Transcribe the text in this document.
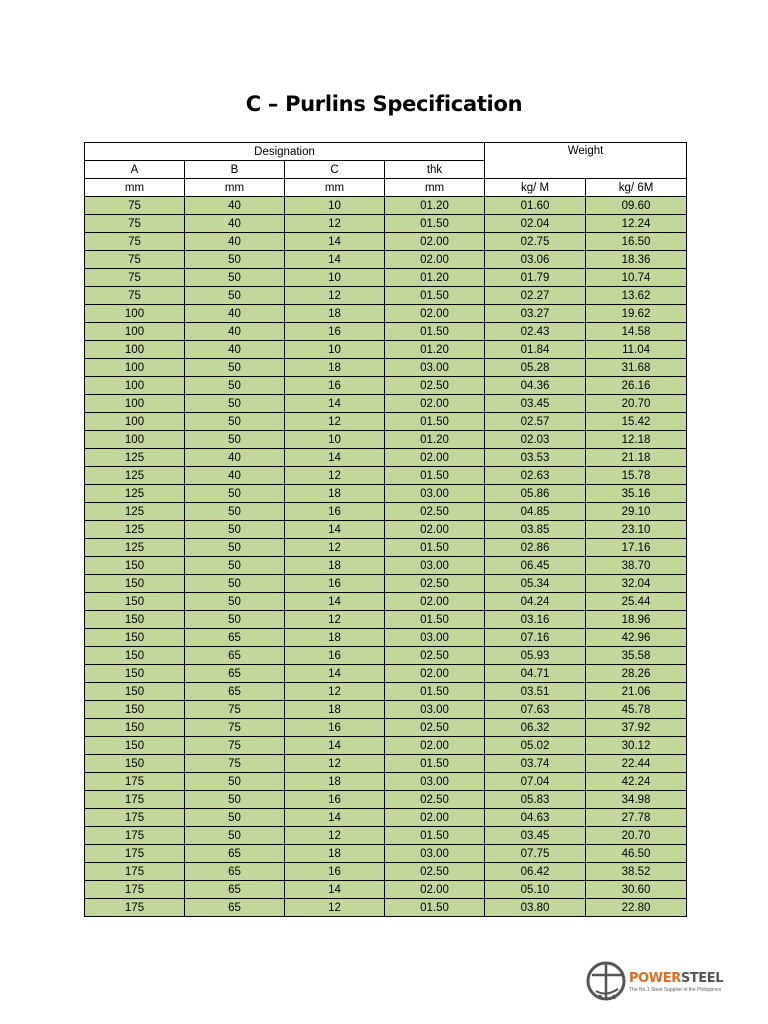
C – Purlins Specification
Designation				Weight	
A	B	C	thk		
mm	mm	mm	mm	kg/ M	kg/ 6M
75	40	10	01.20	01.60	09.60
75	40	12	01.50	02.04	12.24
75	40	14	02.00	02.75	16.50
75	50	14	02.00	03.06	18.36
75	50	10	01.20	01.79	10.74
75	50	12	01.50	02.27	13.62
100	40	18	02.00	03.27	19.62
100	40	16	01.50	02.43	14.58
100	40	10	01.20	01.84	11.04
100	50	18	03.00	05.28	31.68
100	50	16	02.50	04.36	26.16
100	50	14	02.00	03.45	20.70
100	50	12	01.50	02.57	15.42
100	50	10	01.20	02.03	12.18
125	40	14	02.00	03.53	21.18
125	40	12	01.50	02.63	15.78
125	50	18	03.00	05.86	35.16
125	50	16	02.50	04.85	29.10
125	50	14	02.00	03.85	23.10
125	50	12	01.50	02.86	17.16
150	50	18	03.00	06.45	38.70
150	50	16	02.50	05.34	32.04
150	50	14	02.00	04.24	25.44
150	50	12	01.50	03.16	18.96
150	65	18	03.00	07.16	42.96
150	65	16	02.50	05.93	35.58
150	65	14	02.00	04.71	28.26
150	65	12	01.50	03.51	21.06
150	75	18	03.00	07.63	45.78
150	75	16	02.50	06.32	37.92
150	75	14	02.00	05.02	30.12
150	75	12	01.50	03.74	22.44
175	50	18	03.00	07.04	42.24
175	50	16	02.50	05.83	34.98
175	50	14	02.00	04.63	27.78
175	50	12	01.50	03.45	20.70
175	65	18	03.00	07.75	46.50
175	65	16	02.50	06.42	38.52
175	65	14	02.00	05.10	30.60
175	65	12	01.50	03.80	22.80
POWERSTEEL
The No.1 Steel Supplier in the Philippines
